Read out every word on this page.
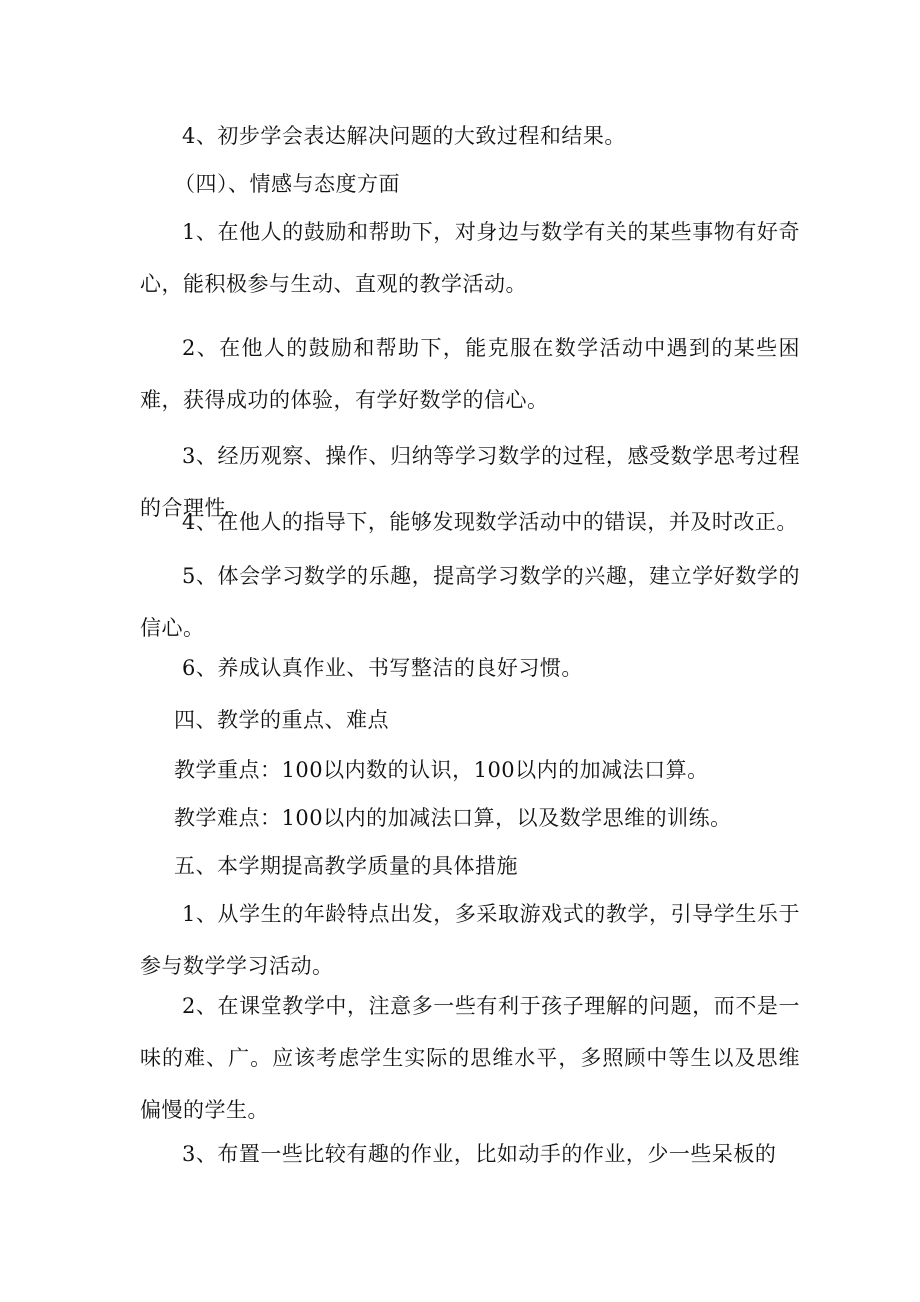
4、初步学会表达解决问题的大致过程和结果。

（四）、情感与态度方面

1、在他人的鼓励和帮助下，对身边与数学有关的某些事物有好奇心，能积极参与生动、直观的教学活动。

2、在他人的鼓励和帮助下，能克服在数学活动中遇到的某些困难，获得成功的体验，有学好数学的信心。

3、经历观察、操作、归纳等学习数学的过程，感受数学思考过程的合理性。

4、在他人的指导下，能够发现数学活动中的错误，并及时改正。

5、体会学习数学的乐趣，提高学习数学的兴趣，建立学好数学的信心。

6、养成认真作业、书写整洁的良好习惯。

四、教学的重点、难点

教学重点：100以内数的认识，100以内的加减法口算。

教学难点：100以内的加减法口算，以及数学思维的训练。

五、本学期提高教学质量的具体措施

1、从学生的年龄特点出发，多采取游戏式的教学，引导学生乐于参与数学学习活动。

2、在课堂教学中，注意多一些有利于孩子理解的问题，而不是一味的难、广。应该考虑学生实际的思维水平，多照顾中等生以及思维偏慢的学生。

3、布置一些比较有趣的作业，比如动手的作业，少一些呆板的
